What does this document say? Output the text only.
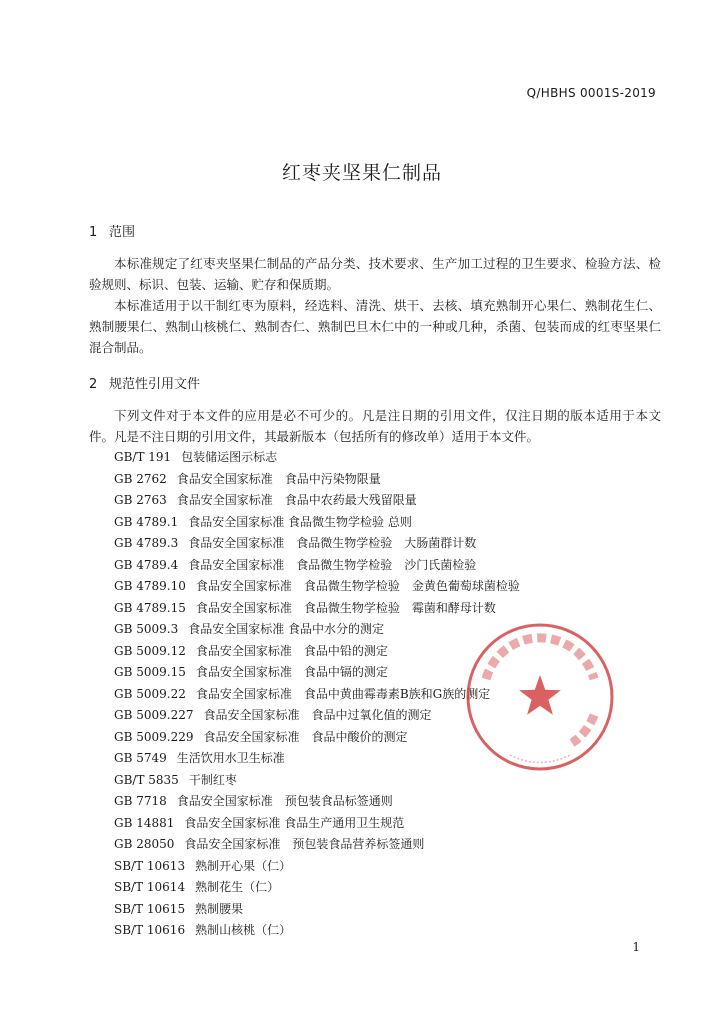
Q/HBHS 0001S-2019
红枣夹坚果仁制品
1 范围
本标准规定了红枣夹坚果仁制品的产品分类、技术要求、生产加工过程的卫生要求、检验方法、检验规则、标识、包装、运输、贮存和保质期。
本标准适用于以干制红枣为原料，经选料、清洗、烘干、去核、填充熟制开心果仁、熟制花生仁、熟制腰果仁、熟制山核桃仁、熟制杏仁、熟制巴旦木仁中的一种或几种，杀菌、包装而成的红枣坚果仁混合制品。
2 规范性引用文件
下列文件对于本文件的应用是必不可少的。凡是注日期的引用文件，仅注日期的版本适用于本文件。凡是不注日期的引用文件，其最新版本（包括所有的修改单）适用于本文件。
GB/T 191 包装储运图示标志
GB 2762 食品安全国家标准　食品中污染物限量
GB 2763 食品安全国家标准　食品中农药最大残留限量
GB 4789.1 食品安全国家标准 食品微生物学检验 总则
GB 4789.3 食品安全国家标准　食品微生物学检验　大肠菌群计数
GB 4789.4 食品安全国家标准　食品微生物学检验　沙门氏菌检验
GB 4789.10 食品安全国家标准　食品微生物学检验　金黄色葡萄球菌检验
GB 4789.15 食品安全国家标准　食品微生物学检验　霉菌和酵母计数
GB 5009.3 食品安全国家标准 食品中水分的测定
GB 5009.12 食品安全国家标准　食品中铅的测定
GB 5009.15 食品安全国家标准　食品中镉的测定
GB 5009.22 食品安全国家标准　食品中黄曲霉毒素B族和G族的测定
GB 5009.227 食品安全国家标准　食品中过氧化值的测定
GB 5009.229 食品安全国家标准　食品中酸价的测定
GB 5749 生活饮用水卫生标准
GB/T 5835 干制红枣
GB 7718 食品安全国家标准　预包装食品标签通则
GB 14881 食品安全国家标准 食品生产通用卫生规范
GB 28050 食品安全国家标准　预包装食品营养标签通则
SB/T 10613 熟制开心果（仁）
SB/T 10614 熟制花生（仁）
SB/T 10615 熟制腰果
SB/T 10616 熟制山核桃（仁）
1
